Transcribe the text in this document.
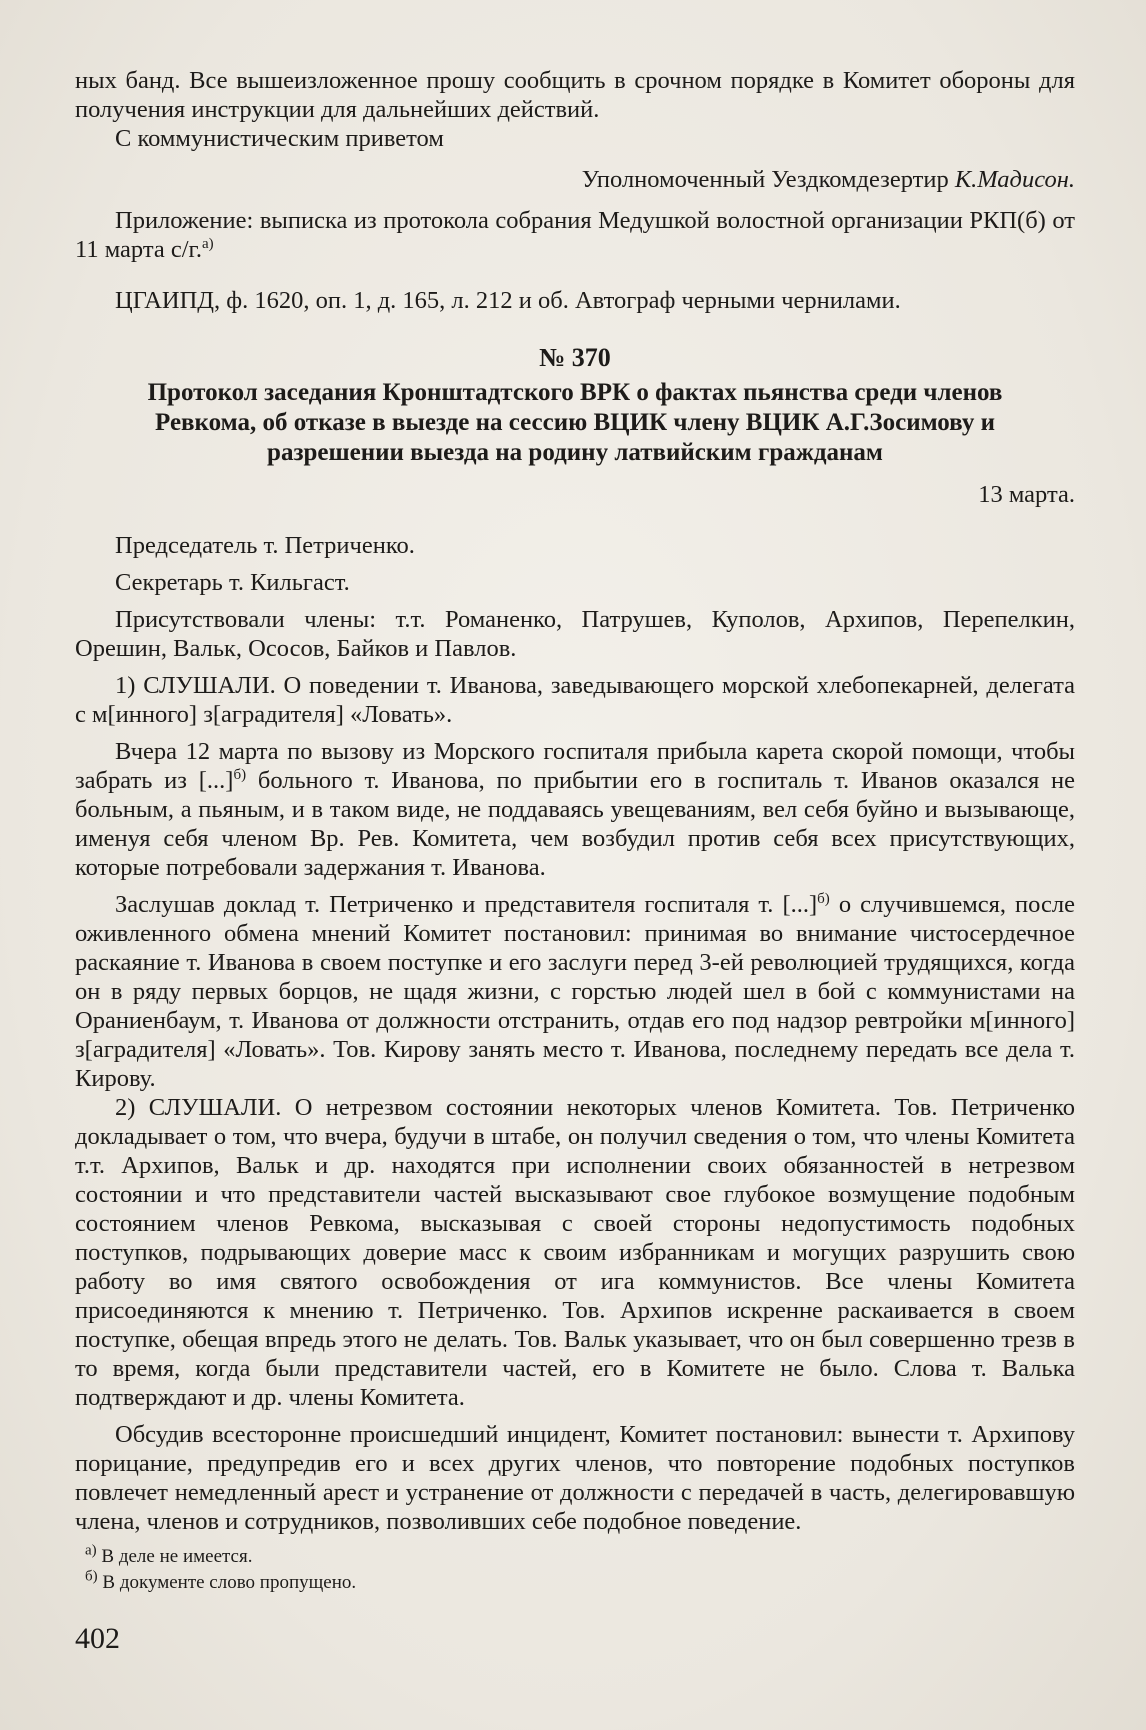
ных банд. Все вышеизложенное прошу сообщить в срочном порядке в Комитет обороны для получения инструкции для дальнейших действий.

С коммунистическим приветом

Уполномоченный Уездкомдезертир К.Мадисон.

Приложение: выписка из протокола собрания Медушкой волостной организации РКП(б) от 11 марта с/г.$^{а)}$

ЦГАИПД, ф. 1620, оп. 1, д. 165, л. 212 и об. Автограф черными чернилами.

№ 370

Протокол заседания Кронштадтского ВРК о фактах пьянства среди членов Ревкома, об отказе в выезде на сессию ВЦИК члену ВЦИК А.Г.Зосимову и разрешении выезда на родину латвийским гражданам

13 марта.

Председатель т. Петриченко.

Секретарь т. Кильгаст.

Присутствовали члены: т.т. Романенко, Патрушев, Куполов, Архипов, Перепелкин, Орешин, Вальк, Ососов, Байков и Павлов.

1) СЛУШАЛИ. О поведении т. Иванова, заведывающего морской хлебопекарней, делегата с м[инного] з[аградителя] «Ловать».

Вчера 12 марта по вызову из Морского госпиталя прибыла карета скорой помощи, чтобы забрать из [...]$^{б)}$ больного т. Иванова, по прибытии его в госпиталь т. Иванов оказался не больным, а пьяным, и в таком виде, не поддаваясь увещеваниям, вел себя буйно и вызывающе, именуя себя членом Вр. Рев. Комитета, чем возбудил против себя всех присутствующих, которые потребовали задержания т. Иванова.

Заслушав доклад т. Петриченко и представителя госпиталя т. [...]$^{б)}$ о случившемся, после оживленного обмена мнений Комитет постановил: принимая во внимание чистосердечное раскаяние т. Иванова в своем поступке и его заслуги перед 3-ей революцией трудящихся, когда он в ряду первых борцов, не щадя жизни, с горстью людей шел в бой с коммунистами на Ораниенбаум, т. Иванова от должности отстранить, отдав его под надзор ревтройки м[инного] з[аградителя] «Ловать». Тов. Кирову занять место т. Иванова, последнему передать все дела т. Кирову.

2) СЛУШАЛИ. О нетрезвом состоянии некоторых членов Комитета. Тов. Петриченко докладывает о том, что вчера, будучи в штабе, он получил сведения о том, что члены Комитета т.т. Архипов, Вальк и др. находятся при исполнении своих обязанностей в нетрезвом состоянии и что представители частей высказывают свое глубокое возмущение подобным состоянием членов Ревкома, высказывая с своей стороны недопустимость подобных поступков, подрывающих доверие масс к своим избранникам и могущих разрушить свою работу во имя святого освобождения от ига коммунистов. Все члены Комитета присоединяются к мнению т. Петриченко. Тов. Архипов искренне раскаивается в своем поступке, обещая впредь этого не делать. Тов. Вальк указывает, что он был совершенно трезв в то время, когда были представители частей, его в Комитете не было. Слова т. Валька подтверждают и др. члены Комитета.

Обсудив всесторонне происшедший инцидент, Комитет постановил: вынести т. Архипову порицание, предупредив его и всех других членов, что повторение подобных поступков повлечет немедленный арест и устранение от должности с передачей в часть, делегировавшую члена, членов и сотрудников, позволивших себе подобное поведение.

$^{а)}$ В деле не имеется.

$^{б)}$ В документе слово пропущено.

402
